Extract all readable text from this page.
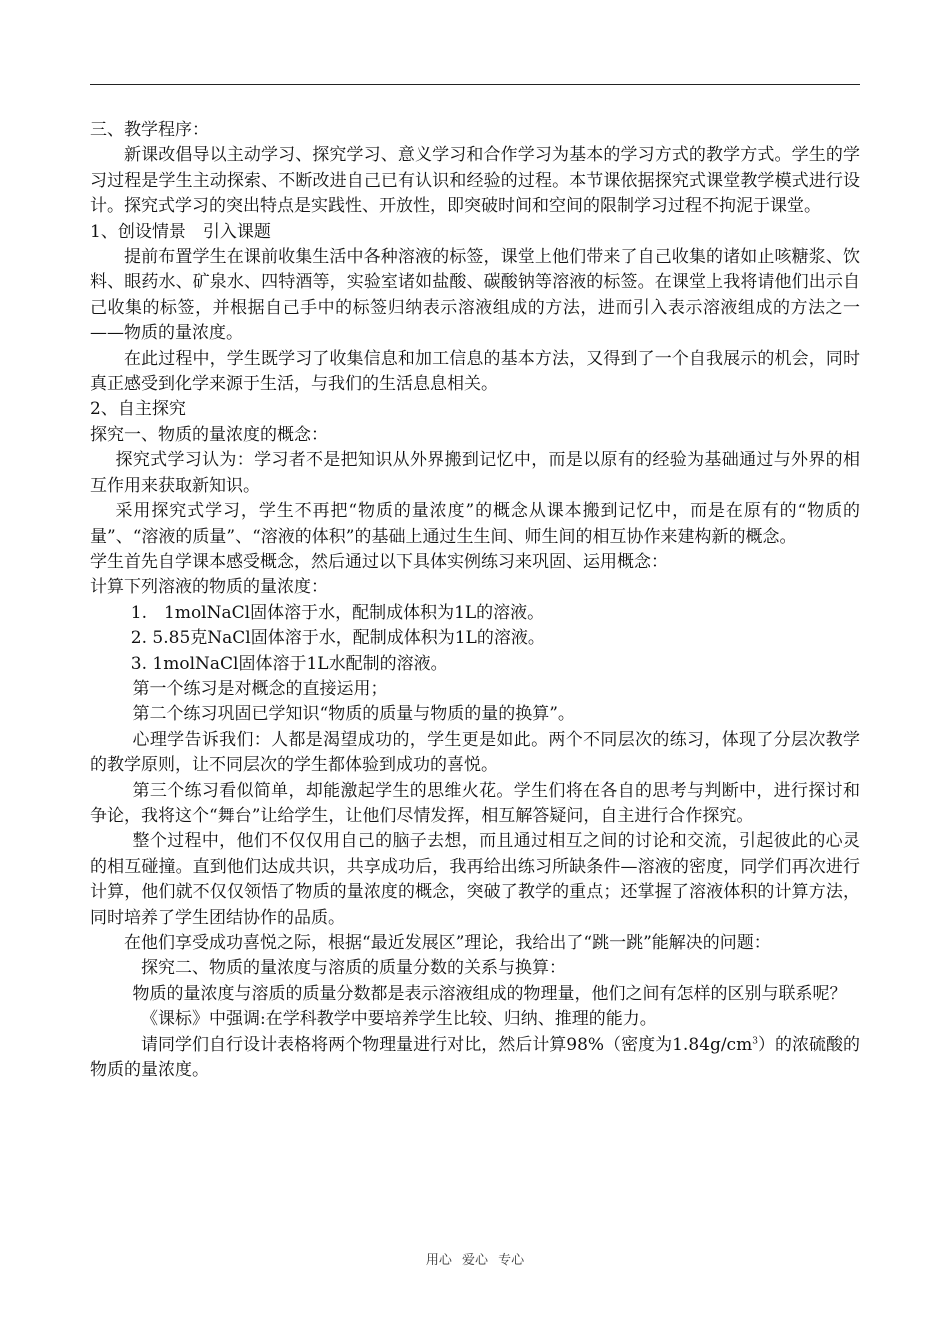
三、教学程序：

新课改倡导以主动学习、探究学习、意义学习和合作学习为基本的学习方式的教学方式。学生的学习过程是学生主动探索、不断改进自己已有认识和经验的过程。本节课依据探究式课堂教学模式进行设计。探究式学习的突出特点是实践性、开放性，即突破时间和空间的限制学习过程不拘泥于课堂。

1、创设情景　引入课题

提前布置学生在课前收集生活中各种溶液的标签，课堂上他们带来了自己收集的诸如止咳糖浆、饮料、眼药水、矿泉水、四特酒等，实验室诸如盐酸、碳酸钠等溶液的标签。在课堂上我将请他们出示自己收集的标签，并根据自己手中的标签归纳表示溶液组成的方法，进而引入表示溶液组成的方法之一 ——物质的量浓度。

在此过程中，学生既学习了收集信息和加工信息的基本方法，又得到了一个自我展示的机会，同时真正感受到化学来源于生活，与我们的生活息息相关。

2、自主探究

探究一、物质的量浓度的概念：

探究式学习认为：学习者不是把知识从外界搬到记忆中，而是以原有的经验为基础通过与外界的相互作用来获取新知识。

采用探究式学习，学生不再把“物质的量浓度”的概念从课本搬到记忆中，而是在原有的“物质的量”、“溶液的质量”、“溶液的体积”的基础上通过生生间、师生间的相互协作来建构新的概念。

学生首先自学课本感受概念，然后通过以下具体实例练习来巩固、运用概念：

计算下列溶液的物质的量浓度：

1.　1molNaCl固体溶于水，配制成体积为1L的溶液。

2. 5.85克NaCl固体溶于水，配制成体积为1L的溶液。

3. 1molNaCl固体溶于1L水配制的溶液。

第一个练习是对概念的直接运用；

第二个练习巩固已学知识“物质的质量与物质的量的换算”。

心理学告诉我们：人都是渴望成功的，学生更是如此。两个不同层次的练习，体现了分层次教学的教学原则，让不同层次的学生都体验到成功的喜悦。

第三个练习看似简单，却能激起学生的思维火花。学生们将在各自的思考与判断中，进行探讨和争论，我将这个“舞台”让给学生，让他们尽情发挥，相互解答疑问，自主进行合作探究。

整个过程中，他们不仅仅用自己的脑子去想，而且通过相互之间的讨论和交流，引起彼此的心灵的相互碰撞。直到他们达成共识，共享成功后，我再给出练习所缺条件—溶液的密度，同学们再次进行计算，他们就不仅仅领悟了物质的量浓度的概念，突破了教学的重点；还掌握了溶液体积的计算方法，同时培养了学生团结协作的品质。

在他们享受成功喜悦之际，根据“最近发展区”理论，我给出了“跳一跳”能解决的问题：

探究二、物质的量浓度与溶质的质量分数的关系与换算：

物质的量浓度与溶质的质量分数都是表示溶液组成的物理量，他们之间有怎样的区别与联系呢？

《课标》中强调:在学科教学中要培养学生比较、归纳、推理的能力。

请同学们自行设计表格将两个物理量进行对比，然后计算98%（密度为$1.84g/cm^3$）的浓硫酸的物质的量浓度。

用心 爱心 专心
